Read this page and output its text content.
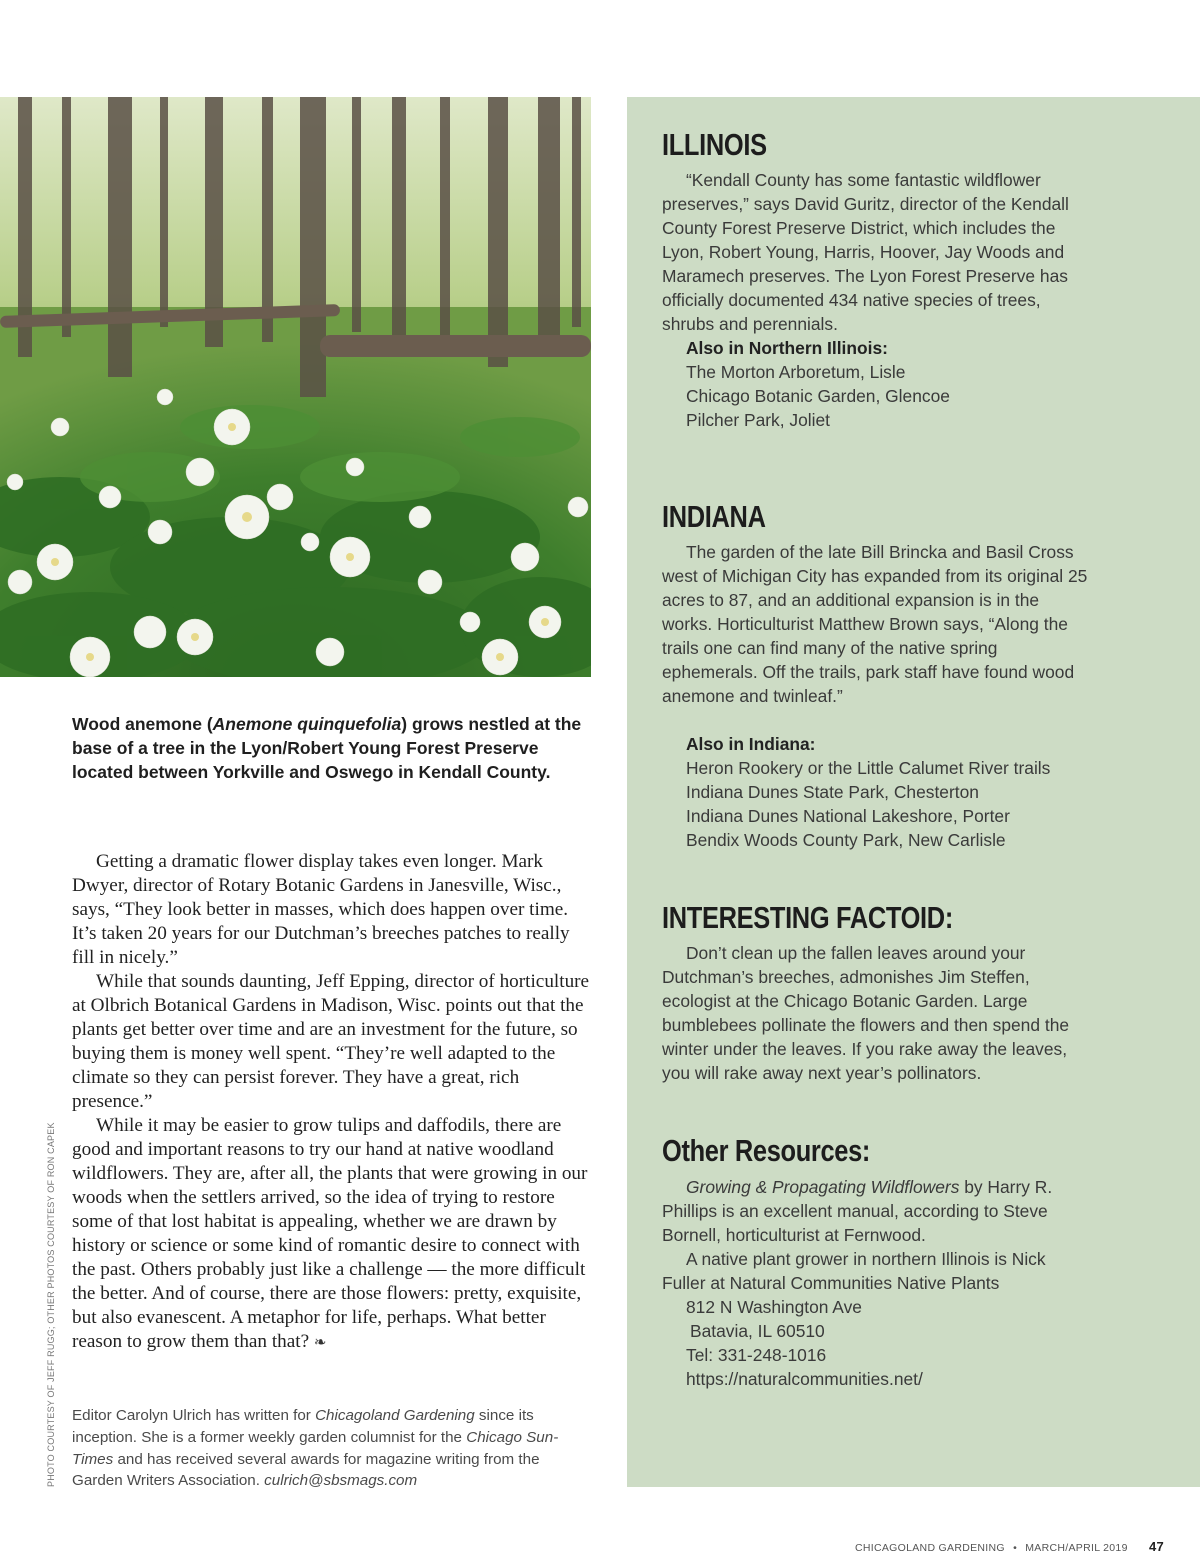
Wood anemone (Anemone quinquefolia) grows nestled at the base of a tree in the Lyon/Robert Young Forest Preserve located between Yorkville and Oswego in Kendall County.

Getting a dramatic flower display takes even longer. Mark Dwyer, director of Rotary Botanic Gardens in Janesville, Wisc., says, “They look better in masses, which does happen over time. It’s taken 20 years for our Dutchman’s breeches patches to really fill in nicely.”

While that sounds daunting, Jeff Epping, director of horticulture at Olbrich Botanical Gardens in Madison, Wisc. points out that the plants get better over time and are an investment for the future, so buying them is money well spent. “They’re well adapted to the climate so they can persist forever. They have a great, rich presence.”

While it may be easier to grow tulips and daffodils, there are good and important reasons to try our hand at native woodland wildflowers. They are, after all, the plants that were growing in our woods when the settlers arrived, so the idea of trying to restore some of that lost habitat is appealing, whether we are drawn by history or science or some kind of romantic desire to connect with the past. Others probably just like a challenge — the more difficult the better. And of course, there are those flowers: pretty, exquisite, but also evanescent. A metaphor for life, perhaps. What better reason to grow them than that? ❧

Editor Carolyn Ulrich has written for Chicagoland Gardening since its inception. She is a former weekly garden columnist for the Chicago Sun-Times and has received several awards for magazine writing from the Garden Writers Association. culrich@sbsmags.com

PHOTO COURTESY OF JEFF RUGG; OTHER PHOTOS COURTESY OF RON CAPEK
ILLINOIS

“Kendall County has some fantastic wildflower preserves,” says David Guritz, director of the Kendall County Forest Preserve District, which includes the Lyon, Robert Young, Harris, Hoover, Jay Woods and Maramech preserves. The Lyon Forest Preserve has officially documented 434 native species of trees, shrubs and perennials.

Also in Northern Illinois:
The Morton Arboretum, Lisle
Chicago Botanic Garden, Glencoe
Pilcher Park, Joliet
INDIANA

The garden of the late Bill Brincka and Basil Cross west of Michigan City has expanded from its original 25 acres to 87, and an additional expansion is in the works. Horticulturist Matthew Brown says, “Along the trails one can find many of the native spring ephemerals. Off the trails, park staff have found wood anemone and twinleaf.”

Also in Indiana:
Heron Rookery or the Little Calumet River trails
Indiana Dunes State Park, Chesterton
Indiana Dunes National Lakeshore, Porter
Bendix Woods County Park, New Carlisle
INTERESTING FACTOID:

Don’t clean up the fallen leaves around your Dutchman’s breeches, admonishes Jim Steffen, ecologist at the Chicago Botanic Garden. Large bumblebees pollinate the flowers and then spend the winter under the leaves. If you rake away the leaves, you will rake away next year’s pollinators.

Other Resources:

Growing & Propagating Wildflowers by Harry R. Phillips is an excellent manual, according to Steve Bornell, horticulturist at Fernwood.

A native plant grower in northern Illinois is Nick Fuller at Natural Communities Native Plants

812 N Washington Ave
Batavia, IL 60510
Tel: 331-248-1016
https://naturalcommunities.net/
CHICAGOLAND GARDENING • MARCH/APRIL 2019 47
